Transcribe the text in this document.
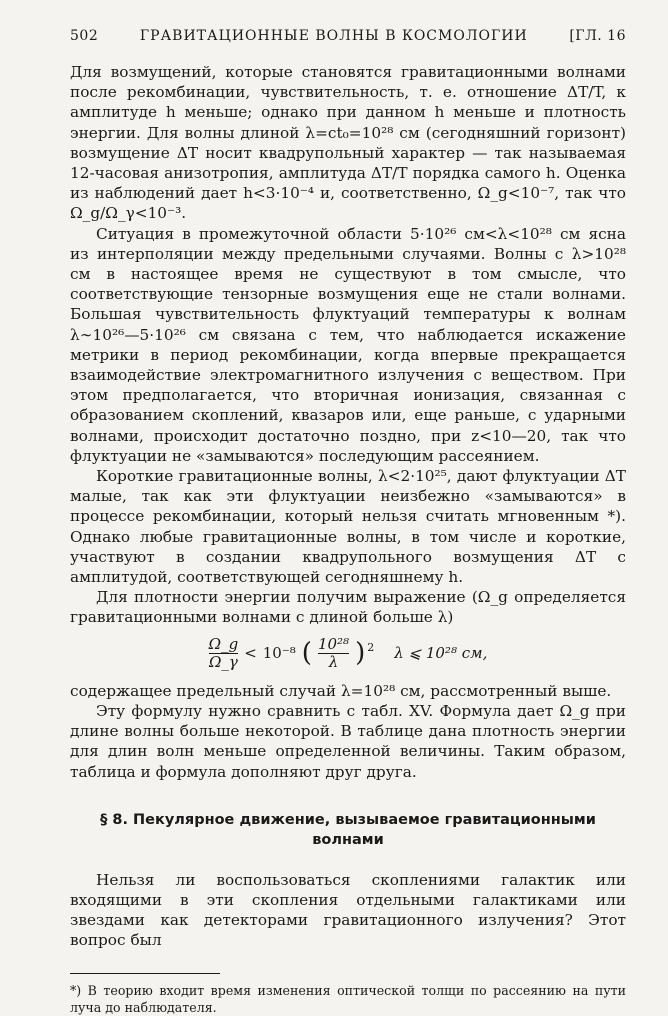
502	ГРАВИТАЦИОННЫЕ ВОЛНЫ В КОСМОЛОГИИ	[ГЛ. 16

Для возмущений, которые становятся гравитационными волнами после рекомбинации, чувствительность, т. е. отношение ΔT/T, к амплитуде h меньше; однако при данном h меньше и плотность энергии. Для волны длиной λ=ct₀=10²⁸ см (сегодняшний горизонт) возмущение ΔT носит квадрупольный характер — так называемая 12-часовая анизотропия, амплитуда ΔT/T порядка самого h. Оценка из наблюдений дает h<3·10⁻⁴ и, соответственно, Ω_g<10⁻⁷, так что Ω_g/Ω_γ<10⁻³.

Ситуация в промежуточной области 5·10²⁶ см<λ<10²⁸ см ясна из интерполяции между предельными случаями. Волны с λ>10²⁸ см в настоящее время не существуют в том смысле, что соответствующие тензорные возмущения еще не стали волнами. Большая чувствительность флуктуаций температуры к волнам λ∼10²⁶—5·10²⁶ см связана с тем, что наблюдается искажение метрики в период рекомбинации, когда впервые прекращается взаимодействие электромагнитного излучения с веществом. При этом предполагается, что вторичная ионизация, связанная с образованием скоплений, квазаров или, еще раньше, с ударными волнами, происходит достаточно поздно, при z<10—20, так что флуктуации не «замываются» последующим рассеянием.

Короткие гравитационные волны, λ<2·10²⁵, дают флуктуации ΔT малые, так как эти флуктуации неизбежно «замываются» в процессе рекомбинации, который нельзя считать мгновенным *). Однако любые гравитационные волны, в том числе и короткие, участвуют в создании квадрупольного возмущения ΔT с амплитудой, соответствующей сегодняшнему h.

Для плотности энергии получим выражение (Ω_g определяется гравитационными волнами с длиной больше λ)

$\frac{\Omega\_g}{\Omega\_\gamma} < 10^{-8}$ ( $\frac{\text{10²⁸}}{\lambda} )^2$ λ ⩽ 10²⁸ см,

содержащее предельный случай λ=10²⁸ см, рассмотренный выше.

Эту формулу нужно сравнить с табл. XV. Формула дает Ω_g при длине волны больше некоторой. В таблице дана плотность энергии для длин волн меньше определенной величины. Таким образом, таблица и формула дополняют друг друга.

§ 8. Пекулярное движение, вызываемое гравитационными волнами

Нельзя ли воспользоваться скоплениями галактик или входящими в эти скопления отдельными галактиками или звездами как детекторами гравитационного излучения? Этот вопрос был

*) В теорию входит время изменения оптической толщи по рассеянию на пути луча до наблюдателя.
